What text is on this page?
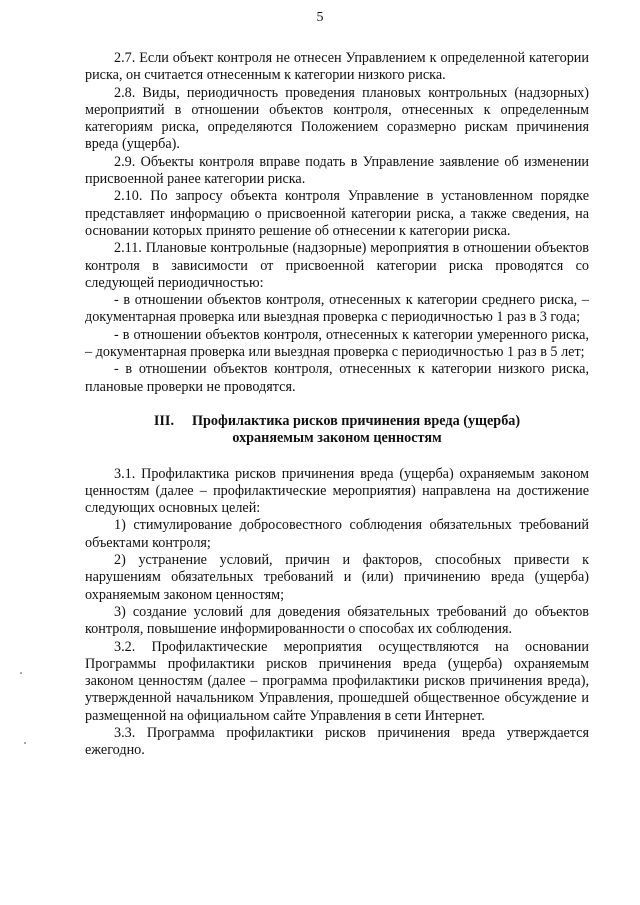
5

2.7. Если объект контроля не отнесен Управлением к определенной категории риска, он считается отнесенным к категории низкого риска.

2.8. Виды, периодичность проведения плановых контрольных (надзорных) мероприятий в отношении объектов контроля, отнесенных к определенным категориям риска, определяются Положением соразмерно рискам причинения вреда (ущерба).

2.9. Объекты контроля вправе подать в Управление заявление об изменении присвоенной ранее категории риска.

2.10. По запросу объекта контроля Управление в установленном порядке представляет информацию о присвоенной категории риска, а также сведения, на основании которых принято решение об отнесении к категории риска.

2.11. Плановые контрольные (надзорные) мероприятия в отношении объектов контроля в зависимости от присвоенной категории риска проводятся со следующей периодичностью:

- в отношении объектов контроля, отнесенных к категории среднего риска, – документарная проверка или выездная проверка с периодичностью 1 раз в 3 года;

- в отношении объектов контроля, отнесенных к категории умеренного риска, – документарная проверка или выездная проверка с периодичностью 1 раз в 5 лет;

- в отношении объектов контроля, отнесенных к категории низкого риска, плановые проверки не проводятся.

III. Профилактика рисков причинения вреда (ущерба)
охраняемым законом ценностям

3.1. Профилактика рисков причинения вреда (ущерба) охраняемым законом ценностям (далее – профилактические мероприятия) направлена на достижение следующих основных целей:

1) стимулирование добросовестного соблюдения обязательных требований объектами контроля;

2) устранение условий, причин и факторов, способных привести к нарушениям обязательных требований и (или) причинению вреда (ущерба) охраняемым законом ценностям;

3) создание условий для доведения обязательных требований до объектов контроля, повышение информированности о способах их соблюдения.

3.2. Профилактические мероприятия осуществляются на основании Программы профилактики рисков причинения вреда (ущерба) охраняемым законом ценностям (далее – программа профилактики рисков причинения вреда), утвержденной начальником Управления, прошедшей общественное обсуждение и размещенной на официальном сайте Управления в сети Интернет.

3.3. Программа профилактики рисков причинения вреда утверждается ежегодно.
